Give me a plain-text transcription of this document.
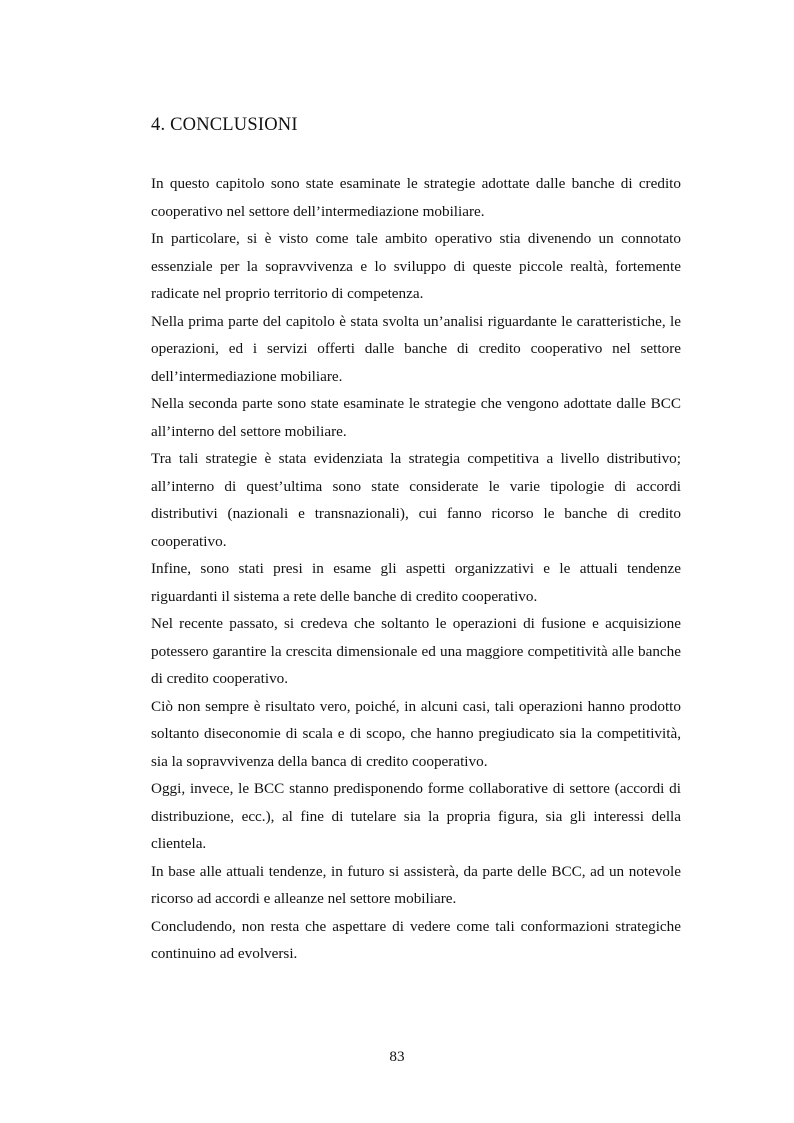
4. CONCLUSIONI

In questo capitolo sono state esaminate le strategie adottate dalle banche di credito cooperativo nel settore dell’intermediazione mobiliare.

In particolare, si è visto come tale ambito operativo stia divenendo un connotato essenziale per la sopravvivenza e lo sviluppo di queste piccole realtà, fortemente radicate nel proprio territorio di competenza.

Nella prima parte del capitolo è stata svolta un’analisi riguardante le caratteristiche, le operazioni, ed i servizi offerti dalle banche di credito cooperativo nel settore dell’intermediazione mobiliare.

Nella seconda parte sono state esaminate le strategie che vengono adottate dalle BCC all’interno del settore mobiliare.

Tra tali strategie è stata evidenziata la strategia competitiva a livello distributivo; all’interno di quest’ultima sono state considerate le varie tipologie di accordi distributivi (nazionali e transnazionali), cui fanno ricorso le banche di credito cooperativo.

Infine, sono stati presi in esame gli aspetti organizzativi e le attuali tendenze riguardanti il sistema a rete delle banche di credito cooperativo.

Nel recente passato, si credeva che soltanto le operazioni di fusione e acquisizione potessero garantire la crescita dimensionale ed una maggiore competitività alle banche di credito cooperativo.

Ciò non sempre è risultato vero, poiché, in alcuni casi, tali operazioni hanno prodotto soltanto diseconomie di scala e di scopo, che hanno pregiudicato sia la competitività, sia la sopravvivenza della banca di credito cooperativo.

Oggi, invece, le BCC stanno predisponendo forme collaborative di settore (accordi di distribuzione, ecc.), al fine di tutelare sia la propria figura, sia gli interessi della clientela.

In base alle attuali tendenze, in futuro si assisterà, da parte delle BCC, ad un notevole ricorso ad accordi e alleanze nel settore mobiliare.

Concludendo, non resta che aspettare di vedere come tali conformazioni strategiche continuino ad evolversi.

83
